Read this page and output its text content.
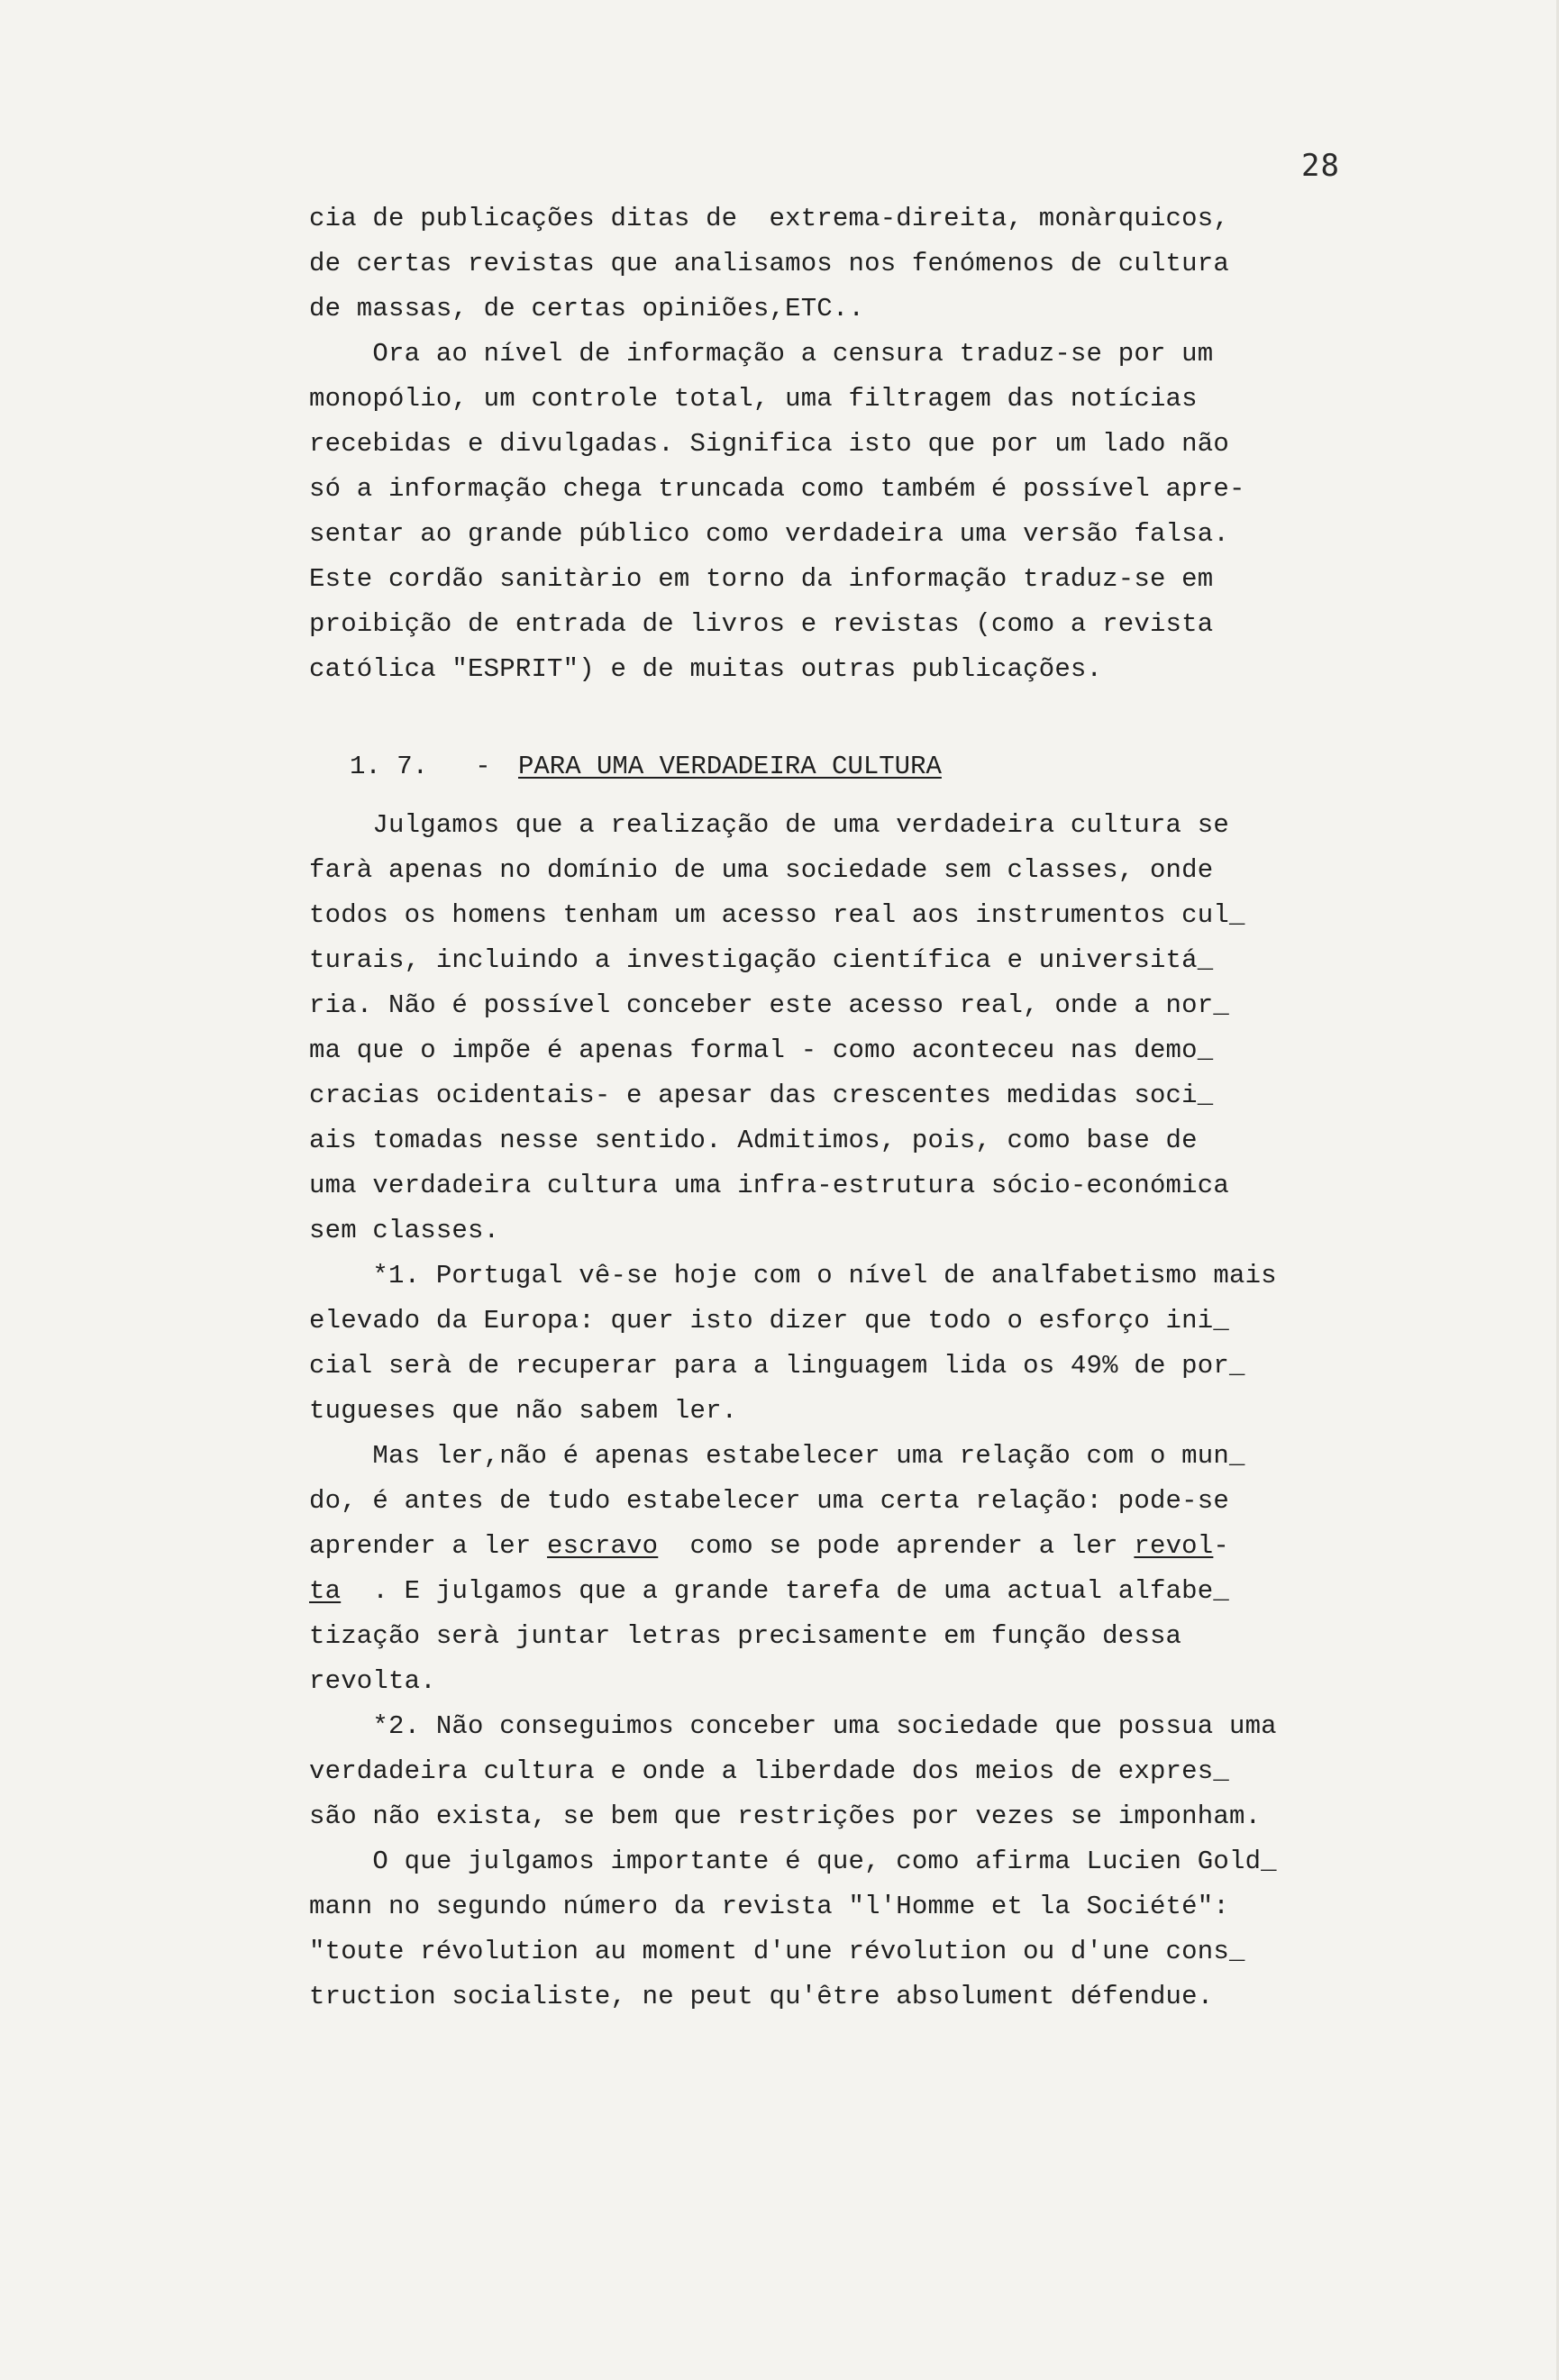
28
cia de publicações ditas de  extrema-direita, monàrquicos,
de certas revistas que analisamos nos fenómenos de cultura
de massas, de certas opiniões,ETC..
Ora ao nível de informação a censura traduz-se por um
monopólio, um controle total, uma filtragem das notícias
recebidas e divulgadas. Significa isto que por um lado não
só a informação chega truncada como também é possível apre-
sentar ao grande público como verdadeira uma versão falsa.
Este cordão sanitàrio em torno da informação traduz-se em
proibição de entrada de livros e revistas (como a revista
católica "ESPRIT") e de muitas outras publicações.
1. 7.   - PARA UMA VERDADEIRA CULTURA
Julgamos que a realização de uma verdadeira cultura se
farà apenas no domínio de uma sociedade sem classes, onde
todos os homens tenham um acesso real aos instrumentos cul_
turais, incluindo a investigação científica e universitá_
ria. Não é possível conceber este acesso real, onde a nor_
ma que o impõe é apenas formal - como aconteceu nas demo_
cracias ocidentais- e apesar das crescentes medidas soci_
ais tomadas nesse sentido. Admitimos, pois, como base de
uma verdadeira cultura uma infra-estrutura sócio-económica
sem classes.
*1. Portugal vê-se hoje com o nível de analfabetismo mais
elevado da Europa: quer isto dizer que todo o esforço ini_
cial serà de recuperar para a linguagem lida os 49% de por_
tugueses que não sabem ler.
Mas ler,não é apenas estabelecer uma relação com o mun_
do, é antes de tudo estabelecer uma certa relação: pode-se
aprender a ler escravo  como se pode aprender a ler revol-
ta  . E julgamos que a grande tarefa de uma actual alfabe_
tização serà juntar letras precisamente em função dessa
revolta.
*2. Não conseguimos conceber uma sociedade que possua uma
verdadeira cultura e onde a liberdade dos meios de expres_
são não exista, se bem que restrições por vezes se imponham.
O que julgamos importante é que, como afirma Lucien Gold_
mann no segundo número da revista "l'Homme et la Société":
"toute révolution au moment d'une révolution ou d'une cons_
truction socialiste, ne peut qu'être absolument défendue.
